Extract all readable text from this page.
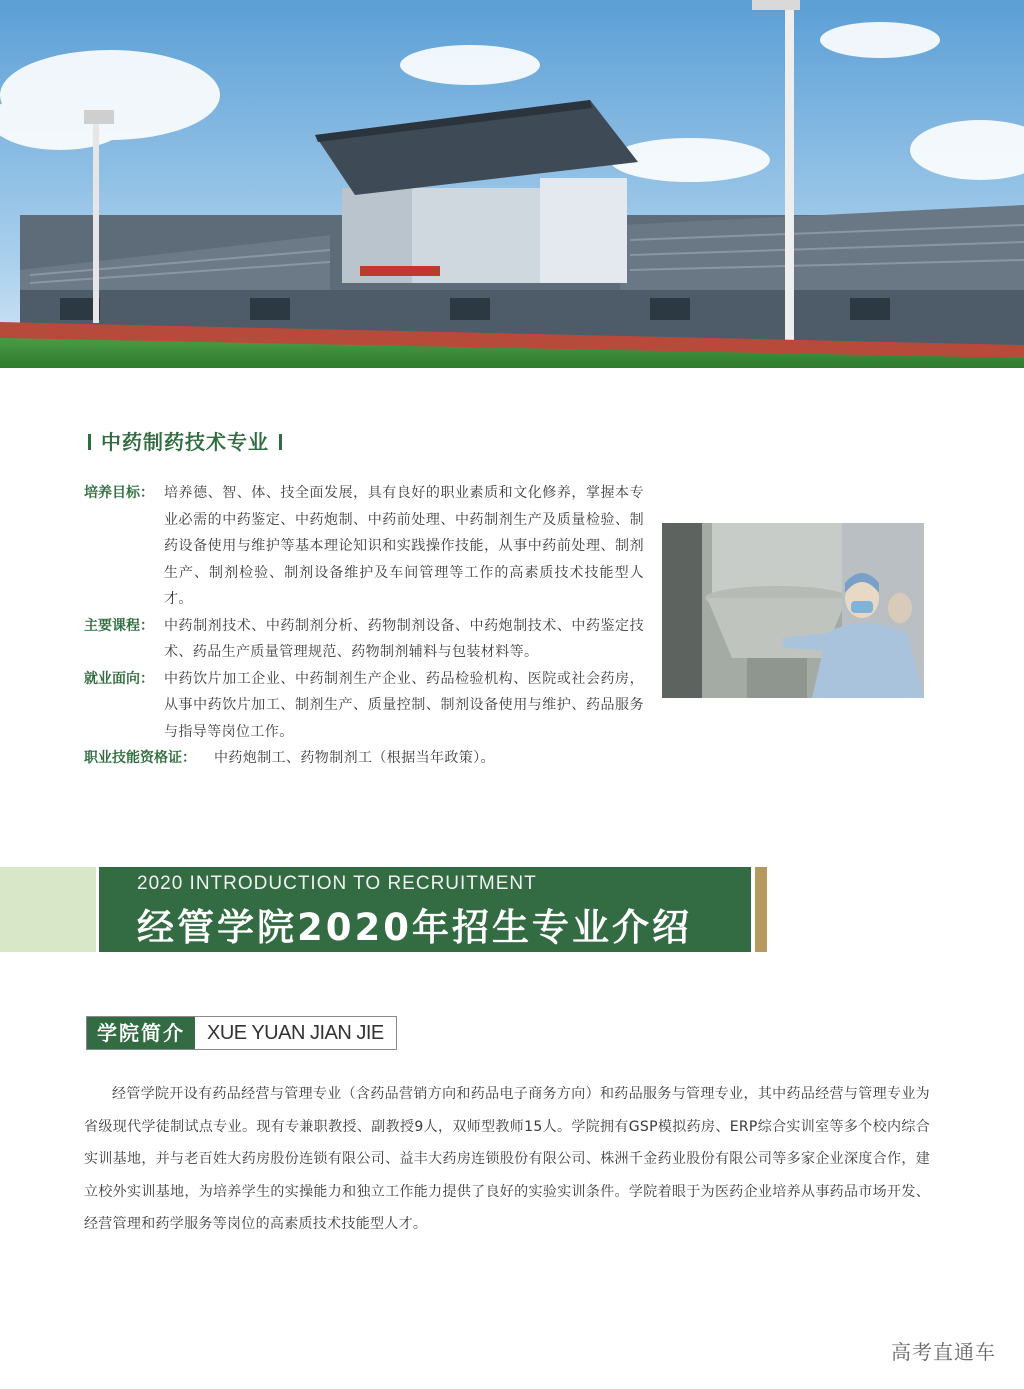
中药制药技术专业
培养目标： 培养德、智、体、技全面发展，具有良好的职业素质和文化修养，掌握本专业必需的中药鉴定、中药炮制、中药前处理、中药制剂生产及质量检验、制药设备使用与维护等基本理论知识和实践操作技能，从事中药前处理、制剂生产、制剂检验、制剂设备维护及车间管理等工作的高素质技术技能型人才。
主要课程： 中药制剂技术、中药制剂分析、药物制剂设备、中药炮制技术、中药鉴定技术、药品生产质量管理规范、药物制剂辅料与包装材料等。
就业面向： 中药饮片加工企业、中药制剂生产企业、药品检验机构、医院或社会药房，从事中药饮片加工、制剂生产、质量控制、制剂设备使用与维护、药品服务与指导等岗位工作。
职业技能资格证：	中药炮制工、药物制剂工（根据当年政策）。
2020 INTRODUCTION TO RECRUITMENT
经管学院2020年招生专业介绍
学院简介	XUE YUAN JIAN JIE
经管学院开设有药品经营与管理专业（含药品营销方向和药品电子商务方向）和药品服务与管理专业，其中药品经营与管理专业为省级现代学徒制试点专业。现有专兼职教授、副教授9人，双师型教师15人。学院拥有GSP模拟药房、ERP综合实训室等多个校内综合实训基地，并与老百姓大药房股份连锁有限公司、益丰大药房连锁股份有限公司、株洲千金药业股份有限公司等多家企业深度合作，建立校外实训基地，为培养学生的实操能力和独立工作能力提供了良好的实验实训条件。学院着眼于为医药企业培养从事药品市场开发、经营管理和药学服务等岗位的高素质技术技能型人才。
高考直通车
